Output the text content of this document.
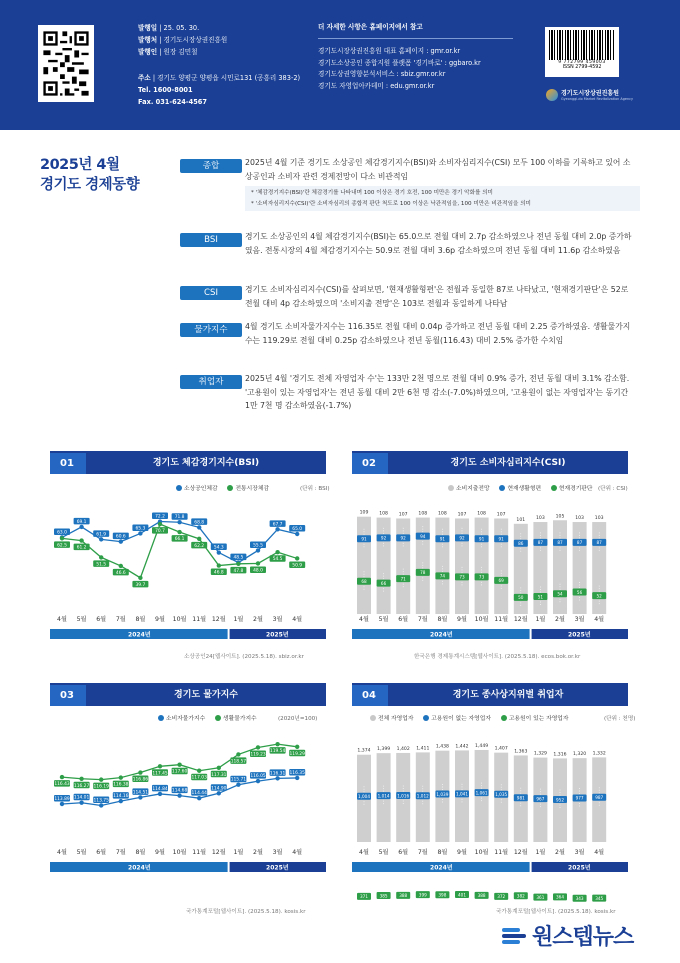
발행일 | 25. 05. 30.
발행처 | 경기도시장상권진흥원
발행인 | 원장 김민철
주소 | 경기도 양평군 양평읍 시민로131 (공흥리 383-2)
Tel. 1600-8001
Fax. 031-624-4567
더 자세한 사항은 홈페이지에서 참고
경기도시장상권진흥원 대표 홈페이지 : gmr.or.kr
경기도소상공인 종합지원 플랫폼 '경기바로' : ggbaro.kr
경기도상권영향분석서비스 : sbiz.gmr.or.kr
경기도 자영업아카데미 : edu.gmr.or.kr
9 772799 459003
ISSN 2799-4592
경기도시장상권진흥원
Gyeonggi-do Market Revitalization Agency
2025년 4월
경기도 경제동향
종합	• 2025년 4월 기준 경기도 소상공인 체감경기지수(BSI)와 소비자심리지수(CSI) 모두 100 이하를 기록하고 있어 소상공인과 소비자 관련 경제전망이 다소 비관적임
* '체감경기지수(BSI)'란 체감경기를 나타내며 100 이상은 경기 호전, 100 미만은 경기 악화를 의미
* '소비자심리지수(CSI)'란 소비자심리의 종합적 판단 척도로 100 이상은 낙관적임을, 100 미만은 비관적임을 의미
BSI	• 경기도 소상공인의 4월 체감경기지수(BSI)는 65.0으로 전월 대비 2.7p 감소하였으나 전년 동월 대비 2.0p 증가하였음. 전통시장의 4월 체감경기지수는 50.9로 전월 대비 3.6p 감소하였으며 전년 동월 대비 11.6p 감소하였음
CSI	• 경기도 소비자심리지수(CSI)를 살펴보면, '현재생활형편'은 전월과 동일한 87로 나타났고, '현재경기판단'은 52로 전월 대비 4p 감소하였으며 '소비지출 전망'은 103로 전월과 동일하게 나타남
물가지수 • 4월 경기도 소비자물가지수는 116.35로 전월 대비 0.04p 증가하고 전년 동월 대비 2.25 증가하였음. 생활물가지수는 119.29로 전월 대비 0.25p 감소하였으나 전년 동월(116.43) 대비 2.5% 증가한 수치임
취업자	• 2025년 4월 '경기도 전체 자영업자 수'는 133만 2천 명으로 전월 대비 0.9% 증가, 전년 동월 대비 3.1% 감소함. '고용원이 있는 자영업자'는 전년 동월 대비 2만 6천 명 감소(-7.0%)하였으며, '고용원이 없는 자영업자'는 동기간 1만 7천 명 감소하였음(-1.7%)
01	경기도 체감경기지수(BSI)	02	경기도 소비자심리지수(CSI)
03	경기도 물가지수	04	경기도 종사상지위별 취업자
소상공인체감	전통시장체감	(단위 : BSI)	소비지출전망	현재생활형편	현재경기판단 (단위 : CSI)
소비자물가지수	생활물가지수	(2020년=100)	전체 자영업자	고용원이 없는 자영업자	고용원이 있는 자영업자	(단위 : 천명)
63.0
69.1
61.9 60.6
65.3
72.2 71.8
68.8
54.3
48.5
55.5
67.7
65.0
62.5 61.2
51.5
46.6
39.7
70.7
66.1
62.2
46.8 47.8 48.0
54.5
50.9
4월 5월 6월 7월 8월 9월 10월 11월 12월 1월 2월 3월 4월
2024년	2025년
109 108 107 108 108 107 108 107
101 103 105 103 103
91	92	92	94
91	92	91	91
86	87	87	87	87
68	66
71
78
74	73	73
69
50	51
54	56
52
4월 5월 6월 7월 8월 9월 10월 11월 12월 1월 2월 3월 4월
2024년	2025년
113.89 114.01
113.75
114.16
114.51
114.84 114.68
114.44
114.90
115.71
116.05
116.31 116.35
116.43 116.27 116.19 116.38
116.86
117.45 117.60
117.03
117.31
118.57
119.23
119.54
119.29
4월 5월 6월 7월 8월 9월 10월 11월 12월 1월 2월 3월 4월
2024년	2025년
1,374 1,399 1,402 1,411 1,438 1,442 1,449
1,407
1,363 1,329 1,316 1,320 1,332
1,004 1,014 1,016 1,012 1,039 1,041 1,061 1,035
981	967	952	977	987
371	385	388	399	398	401	388	372	382	361	364	343	345
4월 5월 6월 7월 8월 9월 10월 11월 12월 1월 2월 3월 4월
2024년	2025년
소상공인24[웹사이트]. (2025.5.18). sbiz.or.kr	한국은행 경제통계시스템[웹사이트]. (2025.5.18). ecos.bok.or.kr
국가통계포털[웹사이트]. (2025.5.18). kosis.kr	국가통계포털[웹사이트]. (2025.5.18). kosis.kr
원스텝뉴스
